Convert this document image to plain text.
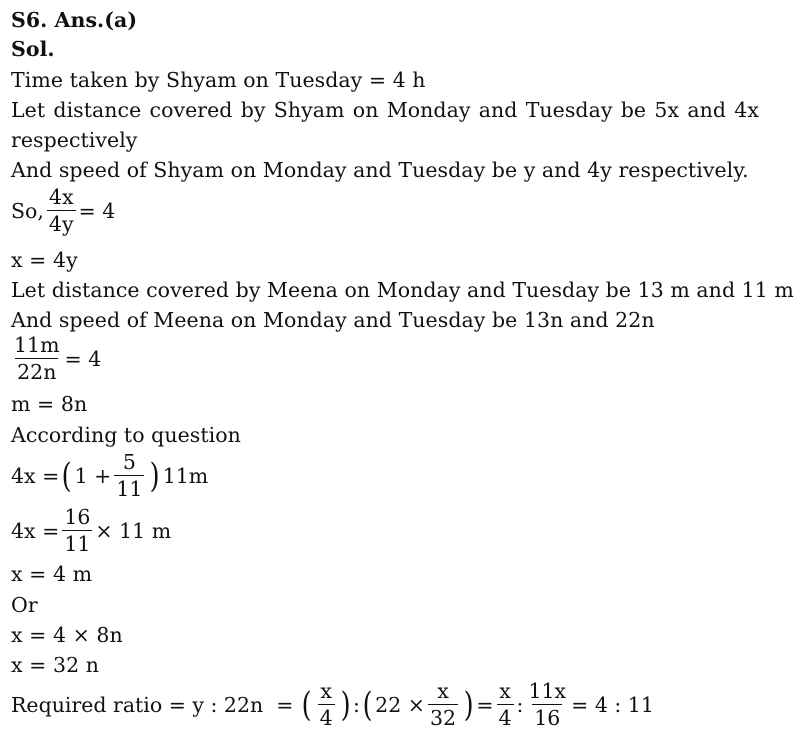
S6. Ans.(a)
Sol.
Time taken by Shyam on Tuesday = 4 h
Let distance covered by Shyam on Monday and Tuesday be 5x and 4x
respectively
And speed of Shyam on Monday and Tuesday be y and 4y respectively.
So, $\frac{4x}{4y} = 4$
x = 4y
Let distance covered by Meena on Monday and Tuesday be 13 m and 11 m
And speed of Meena on Monday and Tuesday be 13n and 22n
$\frac{11m}{22n} = 4$
m = 8n
According to question
4x = ( $1 + \frac{5}{11}$ ) 11m
$4x = \frac{16}{11} \times 11$ m
x = 4 m
Or
x = 4 × 8n
x = 32 n
Required ratio = y : 22n  = ( $\frac{x}{4}$ ) : ( $22 \times \frac{x}{32}$ ) = $\frac{x}{4}$ : $\frac{11x}{16} = 4$ : 11
